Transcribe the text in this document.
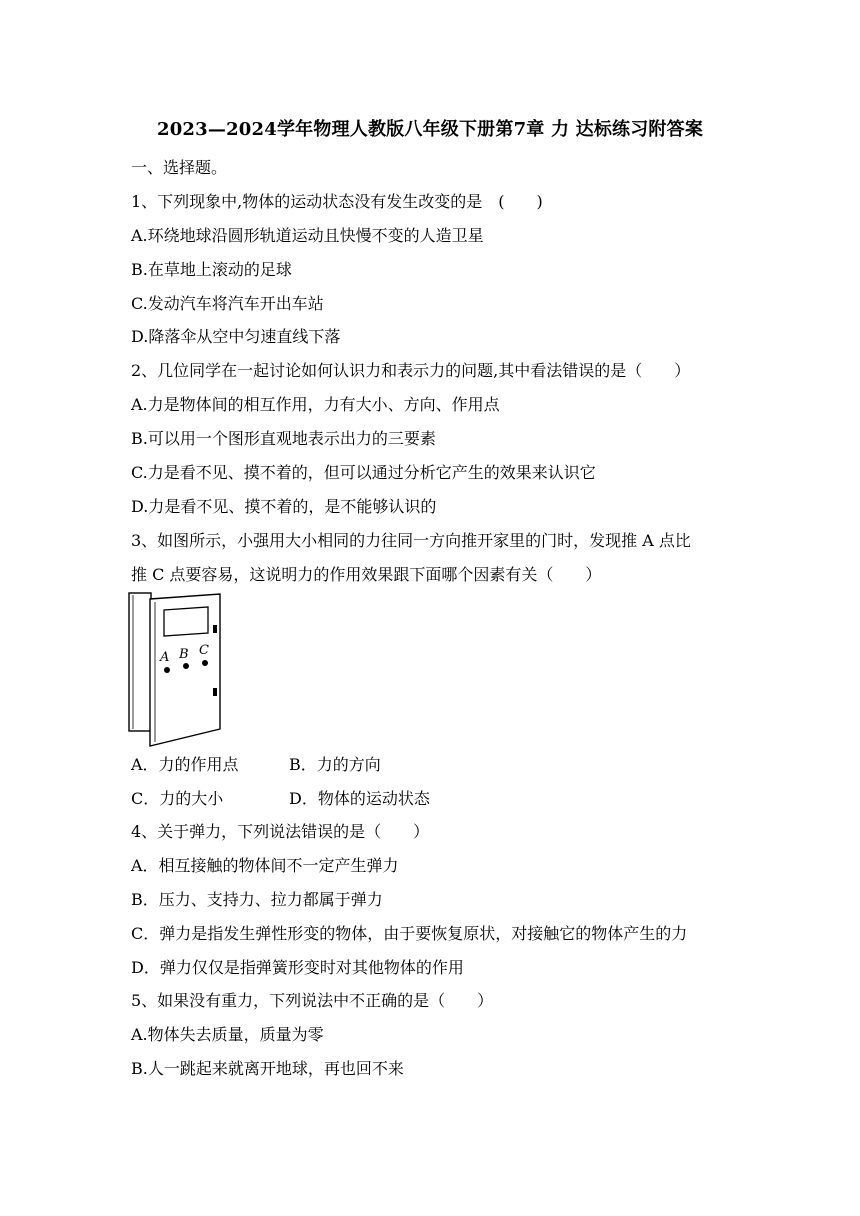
2023—2024学年物理人教版八年级下册第7章 力 达标练习附答案
一、选择题。
1、下列现象中,物体的运动状态没有发生改变的是　(　　)
A.环绕地球沿圆形轨道运动且快慢不变的人造卫星
B.在草地上滚动的足球
C.发动汽车将汽车开出车站
D.降落伞从空中匀速直线下落
2、几位同学在一起讨论如何认识力和表示力的问题,其中看法错误的是（　　）
A.力是物体间的相互作用，力有大小、方向、作用点
B.可以用一个图形直观地表示出力的三要素
C.力是看不见、摸不着的，但可以通过分析它产生的效果来认识它
D.力是看不见、摸不着的，是不能够认识的
3、如图所示，小强用大小相同的力往同一方向推开家里的门时，发现推 A 点比
推 C 点要容易，这说明力的作用效果跟下面哪个因素有关（　　）
A B C
A．力的作用点	B．力的方向
C．力的大小	D．物体的运动状态
4、关于弹力，下列说法错误的是（　　）
A．相互接触的物体间不一定产生弹力
B．压力、支持力、拉力都属于弹力
C．弹力是指发生弹性形变的物体，由于要恢复原状，对接触它的物体产生的力
D．弹力仅仅是指弹簧形变时对其他物体的作用
5、如果没有重力，下列说法中不正确的是（　　）
A.物体失去质量，质量为零
B.人一跳起来就离开地球，再也回不来
